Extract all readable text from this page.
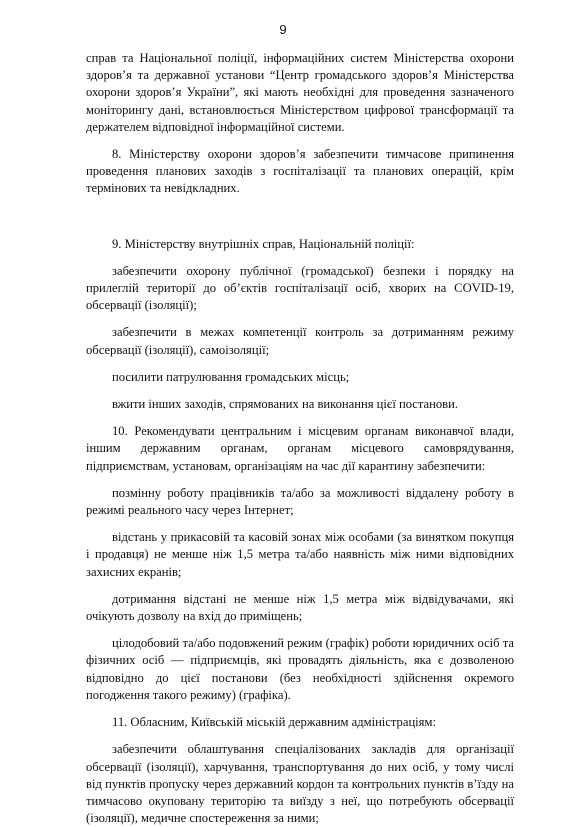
9

справ та Національної поліції, інформаційних систем Міністерства охорони здоров’я та державної установи “Центр громадського здоров’я Міністерства охорони здоров’я України”, які мають необхідні для проведення зазначеного моніторингу дані, встановлюється Міністерством цифрової трансформації та держателем відповідної інформаційної системи.

8. Міністерству охорони здоров’я забезпечити тимчасове припинення проведення планових заходів з госпіталізації та планових операцій, крім термінових та невідкладних.

9. Міністерству внутрішніх справ, Національній поліції:

забезпечити охорону публічної (громадської) безпеки і порядку на прилеглій території до об’єктів госпіталізації осіб, хворих на COVID-19, обсервації (ізоляції);

забезпечити в межах компетенції контроль за дотриманням режиму обсервації (ізоляції), самоізоляції;

посилити патрулювання громадських місць;

вжити інших заходів, спрямованих на виконання цієї постанови.

10. Рекомендувати центральним і місцевим органам виконавчої влади, іншим державним органам, органам місцевого самоврядування, підприємствам, установам, організаціям на час дії карантину забезпечити:

позмінну роботу працівників та/або за можливості віддалену роботу в режимі реального часу через Інтернет;

відстань у прикасовій та касовій зонах між особами (за винятком покупця і продавця) не менше ніж 1,5 метра та/або наявність між ними відповідних захисних екранів;

дотримання відстані не менше ніж 1,5 метра між відвідувачами, які очікують дозволу на вхід до приміщень;

цілодобовий та/або подовжений режим (графік) роботи юридичних осіб та фізичних осіб — підприємців, які провадять діяльність, яка є дозволеною відповідно до цієї постанови (без необхідності здійснення окремого погодження такого режиму) (графіка).

11. Обласним, Київській міській державним адміністраціям:

забезпечити облаштування спеціалізованих закладів для організації обсервації (ізоляції), харчування, транспортування до них осіб, у тому числі від пунктів пропуску через державний кордон та контрольних пунктів в’їзду на тимчасово окуповану територію та виїзду з неї, що потребують обсервації (ізоляції), медичне спостереження за ними;
